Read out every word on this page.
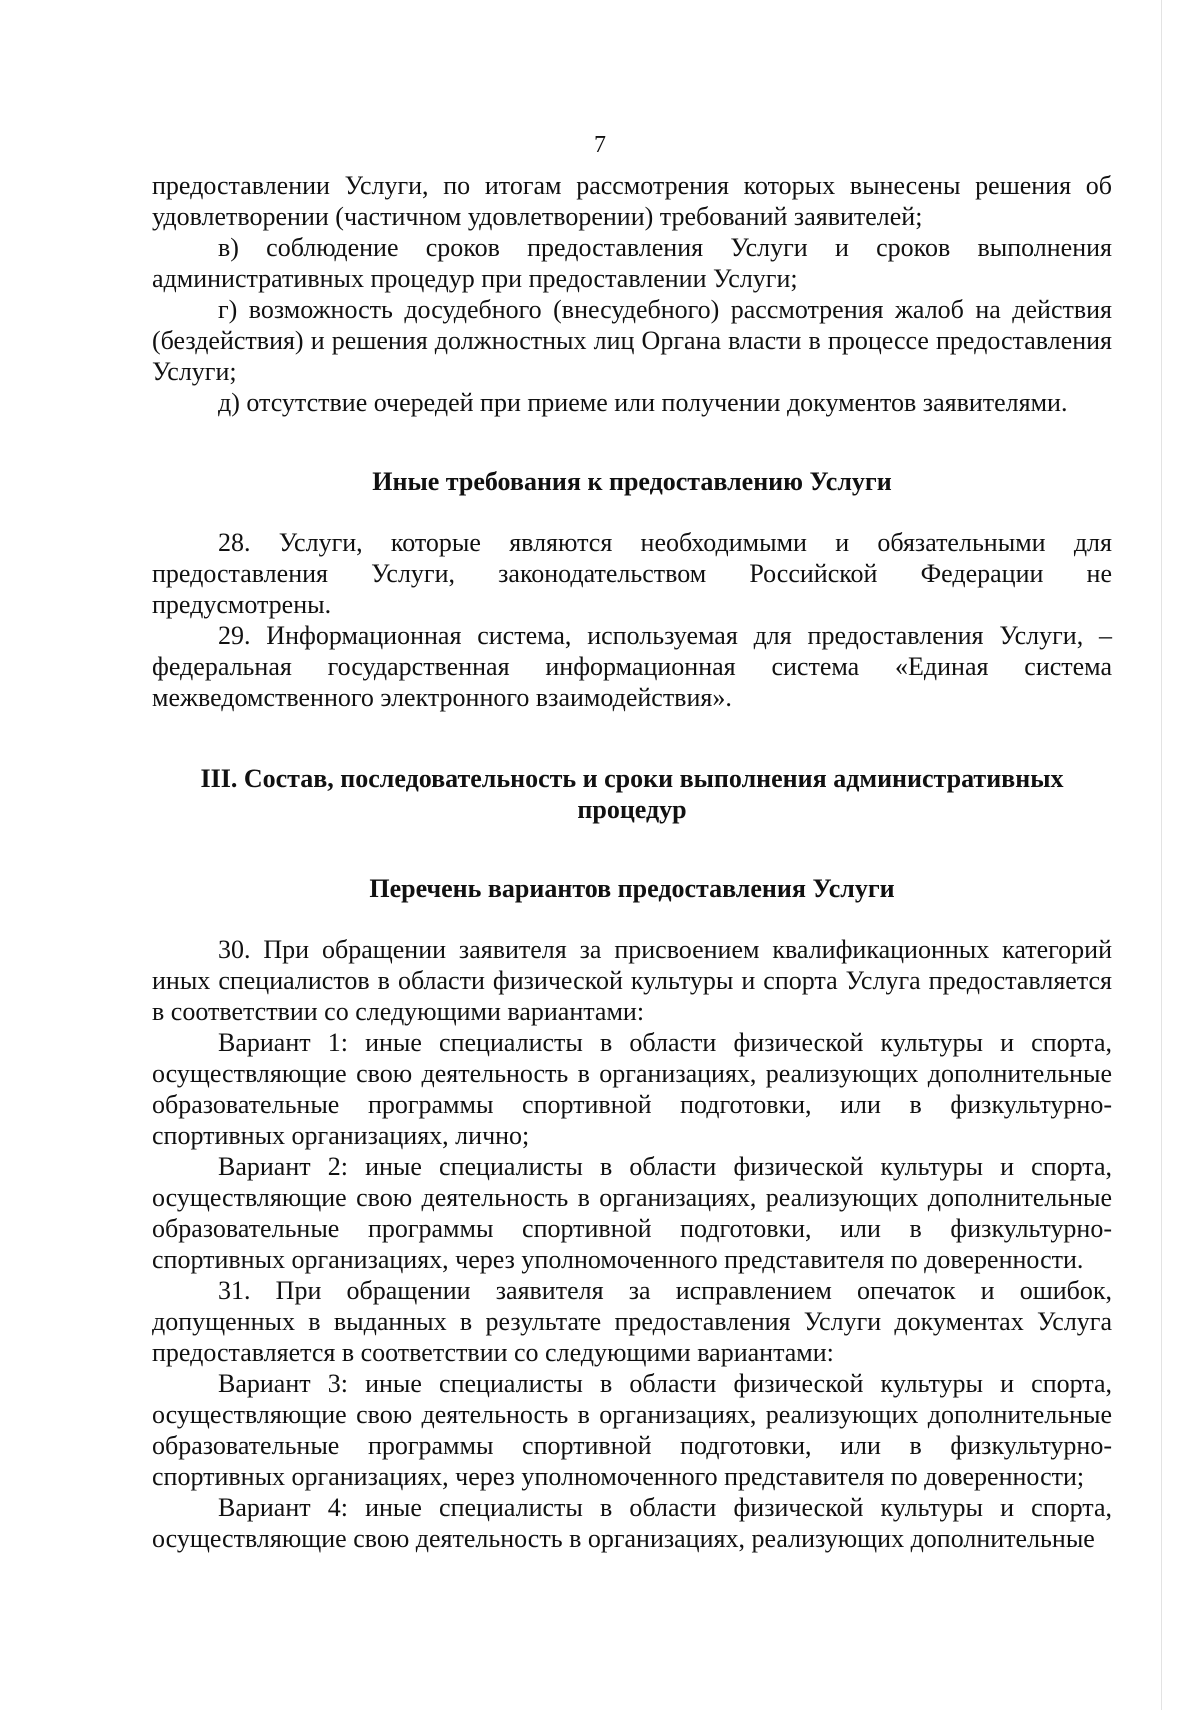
7

предоставлении Услуги, по итогам рассмотрения которых вынесены решения об удовлетворении (частичном удовлетворении) требований заявителей;

в) соблюдение сроков предоставления Услуги и сроков выполнения административных процедур при предоставлении Услуги;

г) возможность досудебного (внесудебного) рассмотрения жалоб на действия (бездействия) и решения должностных лиц Органа власти в процессе предоставления Услуги;

д) отсутствие очередей при приеме или получении документов заявителями.

Иные требования к предоставлению Услуги

28. Услуги, которые являются необходимыми и обязательными для предоставления Услуги, законодательством Российской Федерации не предусмотрены.

29. Информационная система, используемая для предоставления Услуги, – федеральная государственная информационная система «Единая система межведомственного электронного взаимодействия».

III. Состав, последовательность и сроки выполнения административных процедур

Перечень вариантов предоставления Услуги

30. При обращении заявителя за присвоением квалификационных категорий иных специалистов в области физической культуры и спорта Услуга предоставляется в соответствии со следующими вариантами:

Вариант 1: иные специалисты в области физической культуры и спорта, осуществляющие свою деятельность в организациях, реализующих дополнительные образовательные программы спортивной подготовки, или в физкультурно-спортивных организациях, лично;

Вариант 2: иные специалисты в области физической культуры и спорта, осуществляющие свою деятельность в организациях, реализующих дополнительные образовательные программы спортивной подготовки, или в физкультурно-спортивных организациях, через уполномоченного представителя по доверенности.

31. При обращении заявителя за исправлением опечаток и ошибок, допущенных в выданных в результате предоставления Услуги документах Услуга предоставляется в соответствии со следующими вариантами:

Вариант 3: иные специалисты в области физической культуры и спорта, осуществляющие свою деятельность в организациях, реализующих дополнительные образовательные программы спортивной подготовки, или в физкультурно-спортивных организациях, через уполномоченного представителя по доверенности;

Вариант 4: иные специалисты в области физической культуры и спорта, осуществляющие свою деятельность в организациях, реализующих дополнительные
